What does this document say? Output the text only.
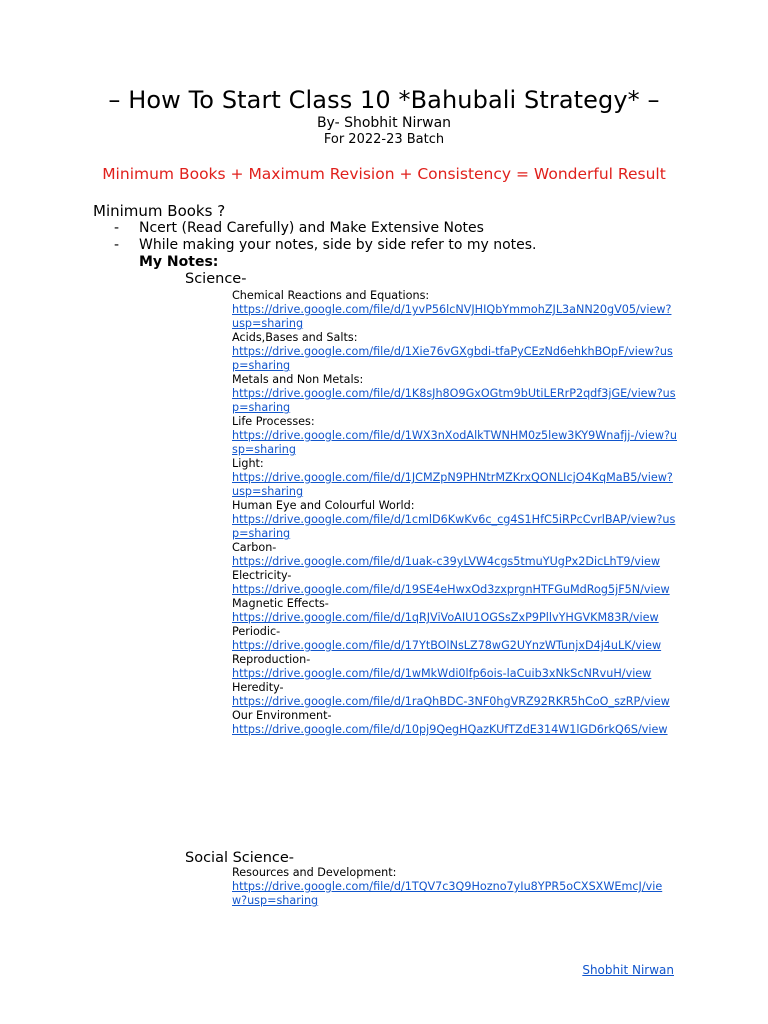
– How To Start Class 10 *Bahubali Strategy* –
By- Shobhit Nirwan
For 2022-23 Batch
Minimum Books + Maximum Revision + Consistency = Wonderful Result
Minimum Books ?
- Ncert (Read Carefully) and Make Extensive Notes
- While making your notes, side by side refer to my notes.
My Notes:
Science-
Chemical Reactions and Equations:
https://drive.google.com/file/d/1yvP56lcNVJHIQbYmmohZJL3aNN20gV05/view?usp=sharing
Acids,Bases and Salts:
https://drive.google.com/file/d/1Xie76vGXgbdi-tfaPyCEzNd6ehkhBOpF/view?usp=sharing
Metals and Non Metals:
https://drive.google.com/file/d/1K8sJh8O9GxOGtm9bUtiLERrP2qdf3jGE/view?usp=sharing
Life Processes:
https://drive.google.com/file/d/1WX3nXodAlkTWNHM0z5lew3KY9Wnafjj-/view?usp=sharing
Light:
https://drive.google.com/file/d/1JCMZpN9PHNtrMZKrxQONLIcjO4KqMaB5/view?usp=sharing
Human Eye and Colourful World:
https://drive.google.com/file/d/1cmlD6KwKv6c_cg4S1HfC5iRPcCvrlBAP/view?usp=sharing
Carbon-
https://drive.google.com/file/d/1uak-c39yLVW4cgs5tmuYUgPx2DicLhT9/view
Electricity-
https://drive.google.com/file/d/19SE4eHwxOd3zxprgnHTFGuMdRog5jF5N/view
Magnetic Effects-
https://drive.google.com/file/d/1qRJViVoAIU1OGSsZxP9PllvYHGVKM83R/view
Periodic-
https://drive.google.com/file/d/17YtBOlNsLZ78wG2UYnzWTunjxD4j4uLK/view
Reproduction-
https://drive.google.com/file/d/1wMkWdi0lfp6ois-laCuib3xNkScNRvuH/view
Heredity-
https://drive.google.com/file/d/1raQhBDC-3NF0hgVRZ92RKR5hCoO_szRP/view
Our Environment-
https://drive.google.com/file/d/10pj9QegHQazKUfTZdE314W1lGD6rkQ6S/view
Social Science-
Resources and Development:
https://drive.google.com/file/d/1TQV7c3Q9Hozno7yIu8YPR5oCXSXWEmcJ/view?usp=sharing
Shobhit Nirwan
